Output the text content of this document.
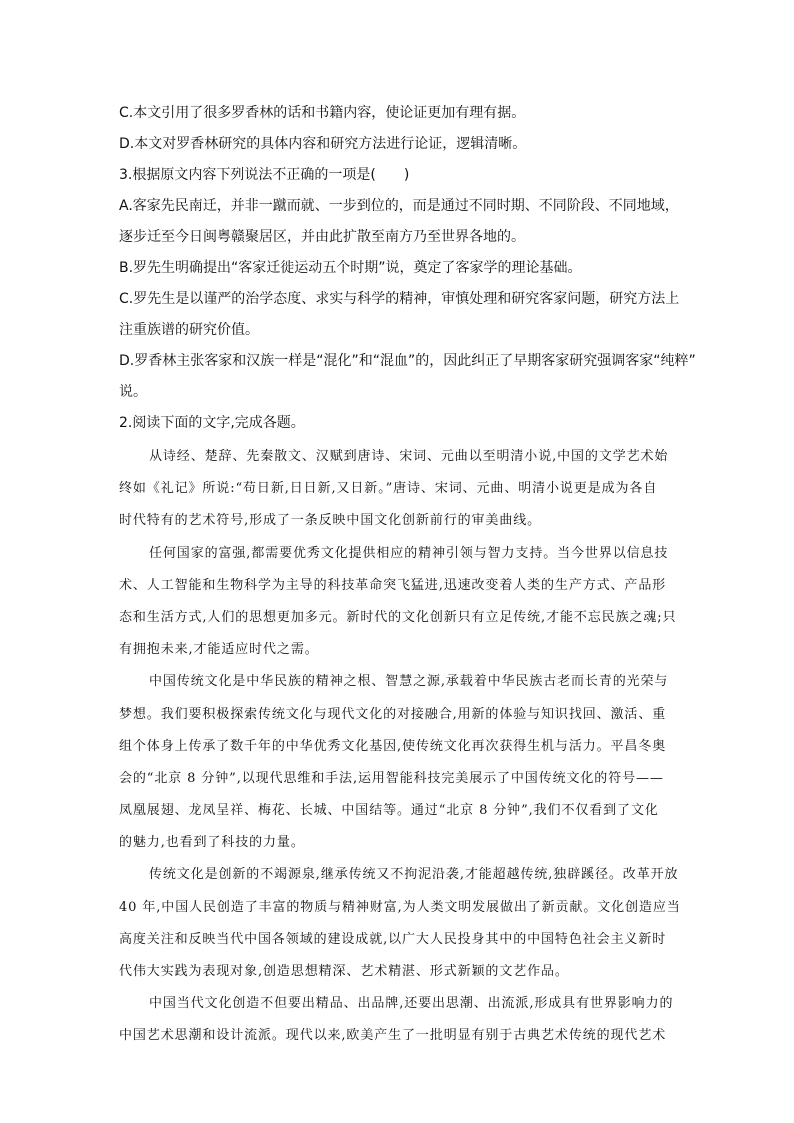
C.本文引用了很多罗香林的话和书籍内容，使论证更加有理有据。
D.本文对罗香林研究的具体内容和研究方法进行论证，逻辑清晰。
3.根据原文内容下列说法不正确的一项是(　　)
A.客家先民南迁，并非一蹴而就、一步到位的，而是通过不同时期、不同阶段、不同地域，
逐步迁至今日闽粤赣聚居区，并由此扩散至南方乃至世界各地的。
B.罗先生明确提出“客家迁徙运动五个时期”说，奠定了客家学的理论基础。
C.罗先生是以谨严的治学态度、求实与科学的精神，审慎处理和研究客家问题，研究方法上
注重族谱的研究价值。
D.罗香林主张客家和汉族一样是“混化”和“混血”的，因此纠正了早期客家研究强调客家“纯粹”
说。
2.阅读下面的文字,完成各题。
从诗经、楚辞、先秦散文、汉赋到唐诗、宋词、元曲以至明清小说,中国的文学艺术始
终如《礼记》所说:“苟日新,日日新,又日新。”唐诗、宋词、元曲、明清小说更是成为各自
时代特有的艺术符号,形成了一条反映中国文化创新前行的审美曲线。
任何国家的富强,都需要优秀文化提供相应的精神引领与智力支持。当今世界以信息技
术、人工智能和生物科学为主导的科技革命突飞猛进,迅速改变着人类的生产方式、产品形
态和生活方式,人们的思想更加多元。新时代的文化创新只有立足传统,才能不忘民族之魂;只
有拥抱未来,才能适应时代之需。
中国传统文化是中华民族的精神之根、智慧之源,承载着中华民族古老而长青的光荣与
梦想。我们要积极探索传统文化与现代文化的对接融合,用新的体验与知识找回、激活、重
组个体身上传承了数千年的中华优秀文化基因,使传统文化再次获得生机与活力。平昌冬奥
会的“北京 8 分钟”,以现代思维和手法,运用智能科技完美展示了中国传统文化的符号——
凤凰展翅、龙凤呈祥、梅花、长城、中国结等。通过“北京 8 分钟”,我们不仅看到了文化
的魅力,也看到了科技的力量。
传统文化是创新的不竭源泉,继承传统又不拘泥沿袭,才能超越传统,独辟蹊径。改革开放
40 年,中国人民创造了丰富的物质与精神财富,为人类文明发展做出了新贡献。文化创造应当
高度关注和反映当代中国各领域的建设成就,以广大人民投身其中的中国特色社会主义新时
代伟大实践为表现对象,创造思想精深、艺术精湛、形式新颖的文艺作品。
中国当代文化创造不但要出精品、出品牌,还要出思潮、出流派,形成具有世界影响力的
中国艺术思潮和设计流派。现代以来,欧美产生了一批明显有别于古典艺术传统的现代艺术
